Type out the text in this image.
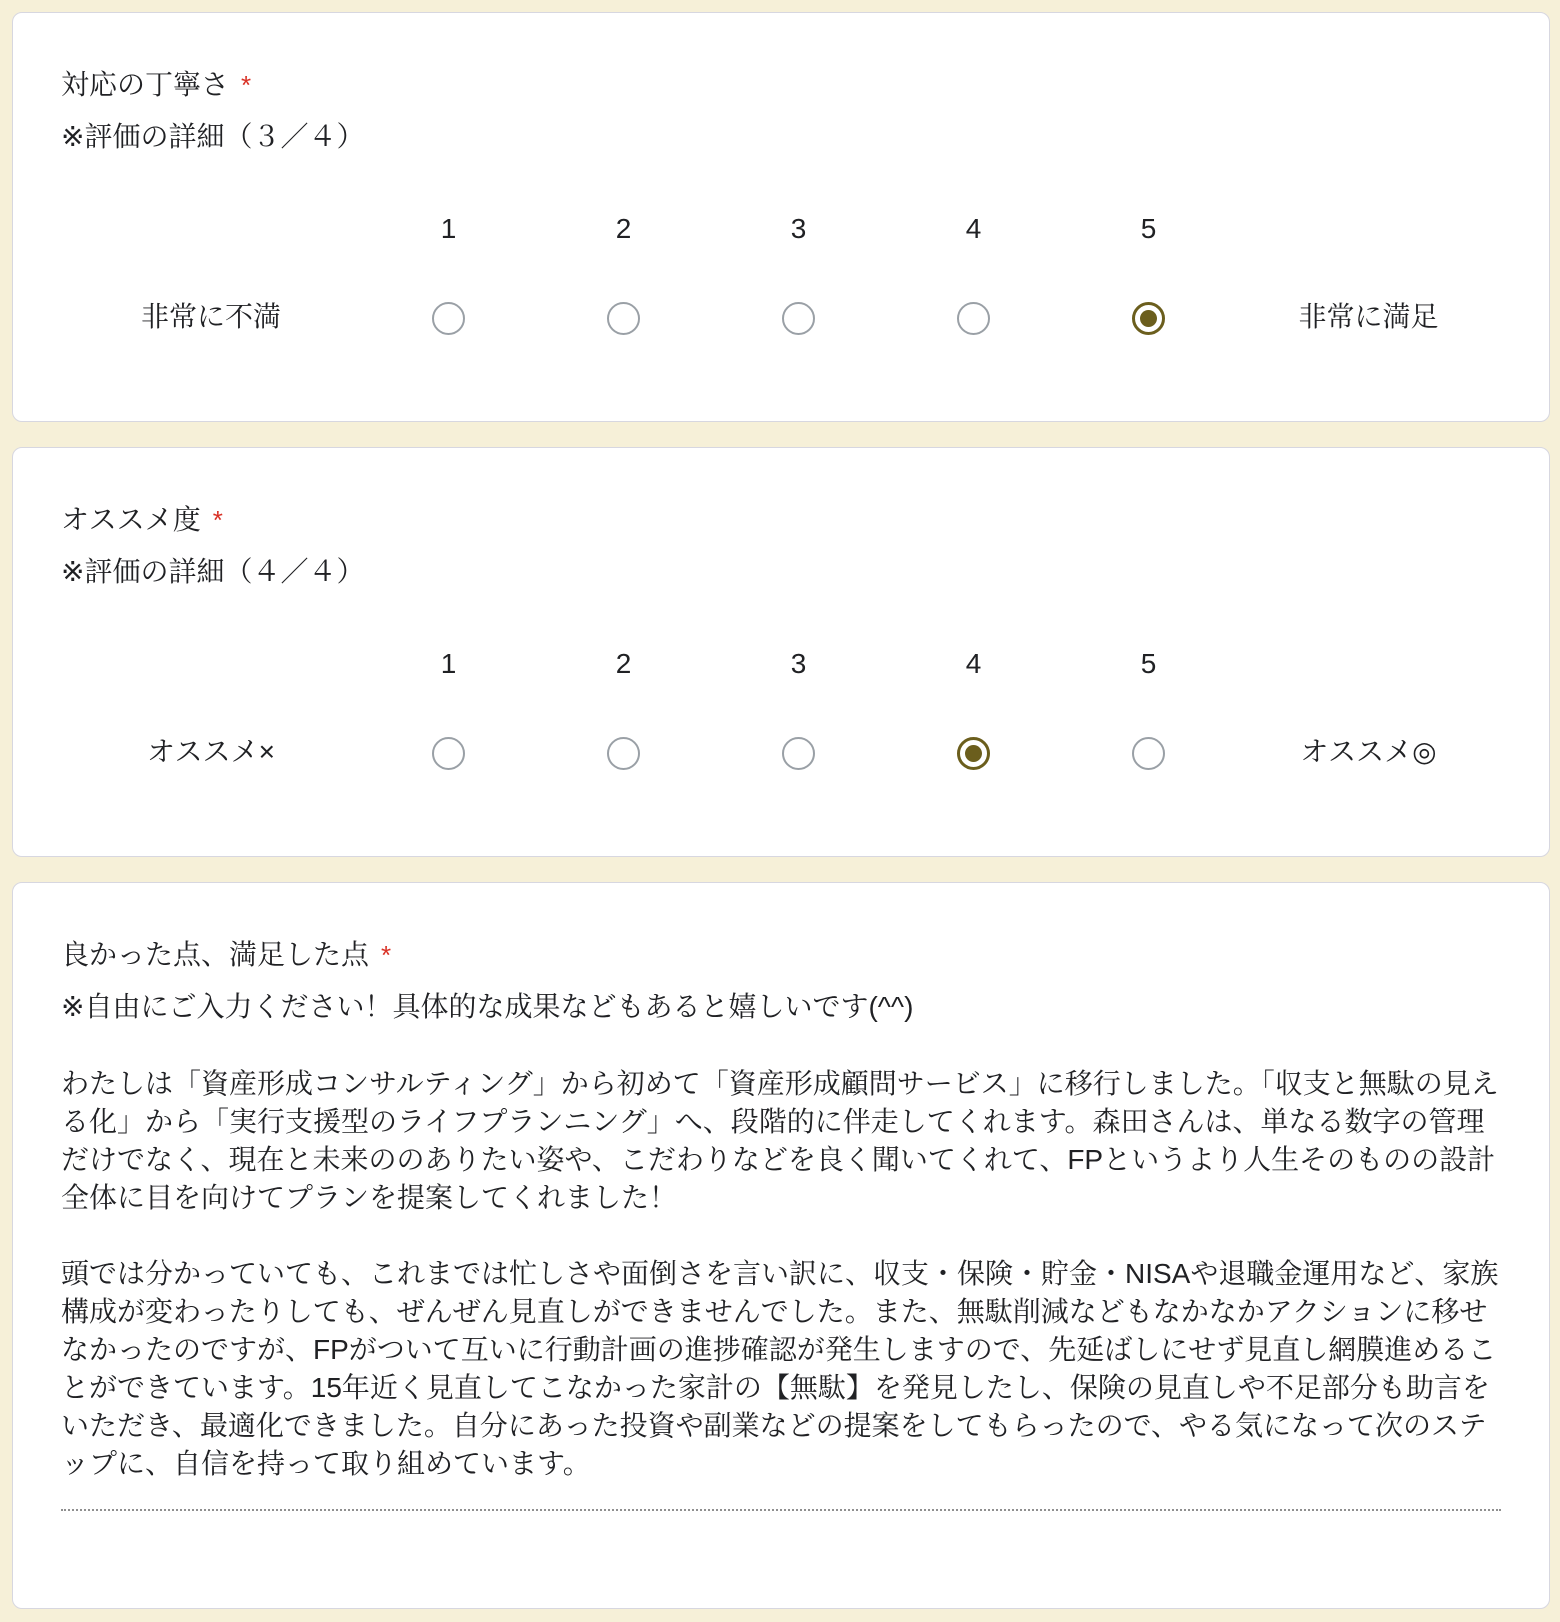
対応の丁寧さ *
※評価の詳細（３／４）
1	2	3	4	5
非常に不満	非常に満足
オススメ度 *
※評価の詳細（４／４）
1	2	3	4	5
オススメ×	オススメ◎
良かった点、満足した点 *
※自由にご入力ください！具体的な成果などもあると嬉しいです(^^)

わたしは「資産形成コンサルティング」から初めて「資産形成顧問サービス」に移行しました。「収支と無駄の見える化」から「実行支援型のライフプランニング」へ、段階的に伴走してくれます。森田さんは、単なる数字の管理だけでなく、現在と未来ののありたい姿や、こだわりなどを良く聞いてくれて、FPというより人生そのものの設計全体に目を向けてプランを提案してくれました！

頭では分かっていても、これまでは忙しさや面倒さを言い訳に、収支・保険・貯金・NISAや退職金運用など、家族構成が変わったりしても、ぜんぜん見直しができませんでした。また、無駄削減などもなかなかアクションに移せなかったのですが、FPがついて互いに行動計画の進捗確認が発生しますので、先延ばしにせず見直し網膜進めることができています。15年近く見直してこなかった家計の【無駄】を発見したし、保険の見直しや不足部分も助言をいただき、最適化できました。自分にあった投資や副業などの提案をしてもらったので、やる気になって次のステップに、自信を持って取り組めています。
